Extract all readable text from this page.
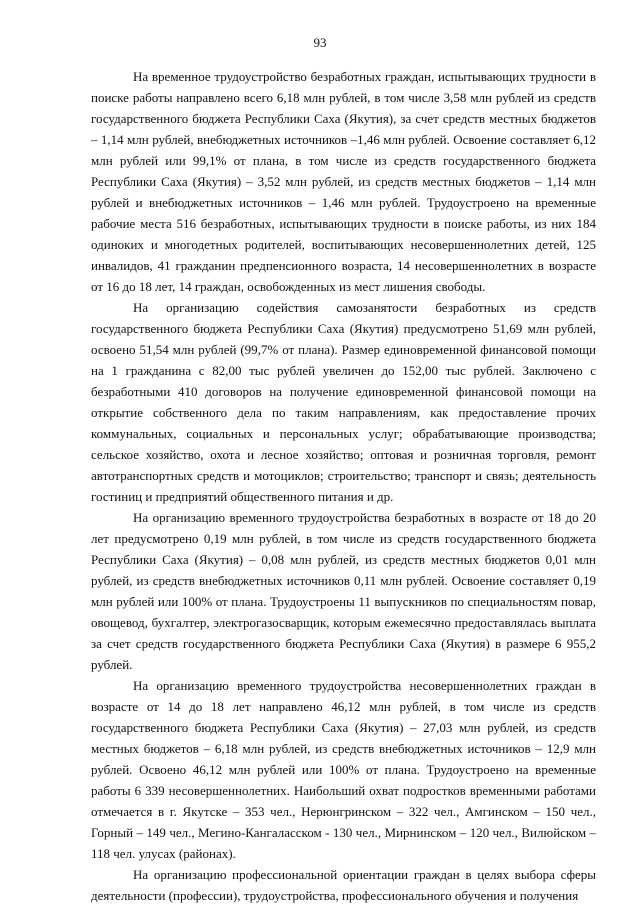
93

На временное трудоустройство безработных граждан, испытывающих трудности в поиске работы направлено всего 6,18 млн рублей, в том числе 3,58 млн рублей из средств государственного бюджета Республики Саха (Якутия), за счет средств местных бюджетов – 1,14 млн рублей, внебюджетных источников –1,46 млн рублей. Освоение составляет 6,12 млн рублей или 99,1% от плана, в том числе из средств государственного бюджета Республики Саха (Якутия) – 3,52 млн рублей, из средств местных бюджетов – 1,14 млн рублей и внебюджетных источников – 1,46 млн рублей. Трудоустроено на временные рабочие места 516 безработных, испытывающих трудности в поиске работы, из них 184 одиноких и многодетных родителей, воспитывающих несовершеннолетних детей, 125 инвалидов, 41 гражданин предпенсионного возраста, 14 несовершеннолетних в возрасте от 16 до 18 лет, 14 граждан, освобожденных из мест лишения свободы.

На организацию содействия самозанятости безработных из средств государственного бюджета Республики Саха (Якутия) предусмотрено 51,69 млн рублей, освоено 51,54 млн рублей (99,7% от плана). Размер единовременной финансовой помощи на 1 гражданина с 82,00 тыс рублей увеличен до 152,00 тыс рублей. Заключено с безработными 410 договоров на получение единовременной финансовой помощи на открытие собственного дела по таким направлениям, как предоставление прочих коммунальных, социальных и персональных услуг; обрабатывающие производства; сельское хозяйство, охота и лесное хозяйство; оптовая и розничная торговля, ремонт автотранспортных средств и мотоциклов; строительство; транспорт и связь; деятельность гостиниц и предприятий общественного питания и др.

На организацию временного трудоустройства безработных в возрасте от 18 до 20 лет предусмотрено 0,19 млн рублей, в том числе из средств государственного бюджета Республики Саха (Якутия) – 0,08 млн рублей, из средств местных бюджетов 0,01 млн рублей, из средств внебюджетных источников 0,11 млн рублей. Освоение составляет 0,19 млн рублей или 100% от плана. Трудоустроены 11 выпускников по специальностям повар, овощевод, бухгалтер, электрогазосварщик, которым ежемесячно предоставлялась выплата за счет средств государственного бюджета Республики Саха (Якутия) в размере 6 955,2 рублей.

На организацию временного трудоустройства несовершеннолетних граждан в возрасте от 14 до 18 лет направлено 46,12 млн рублей, в том числе из средств государственного бюджета Республики Саха (Якутия) – 27,03 млн рублей, из средств местных бюджетов – 6,18 млн рублей, из средств внебюджетных источников – 12,9 млн рублей. Освоено 46,12 млн рублей или 100% от плана. Трудоустроено на временные работы 6 339 несовершеннолетних. Наибольший охват подростков временными работами отмечается в г. Якутске – 353 чел., Нерюнгринском – 322 чел., Амгинском – 150 чел., Горный – 149 чел., Мегино-Кангаласском - 130 чел., Мирнинском – 120 чел., Вилюйском – 118 чел. улусах (районах).

На организацию профессиональной ориентации граждан в целях выбора сферы деятельности (профессии), трудоустройства, профессионального обучения и получения
